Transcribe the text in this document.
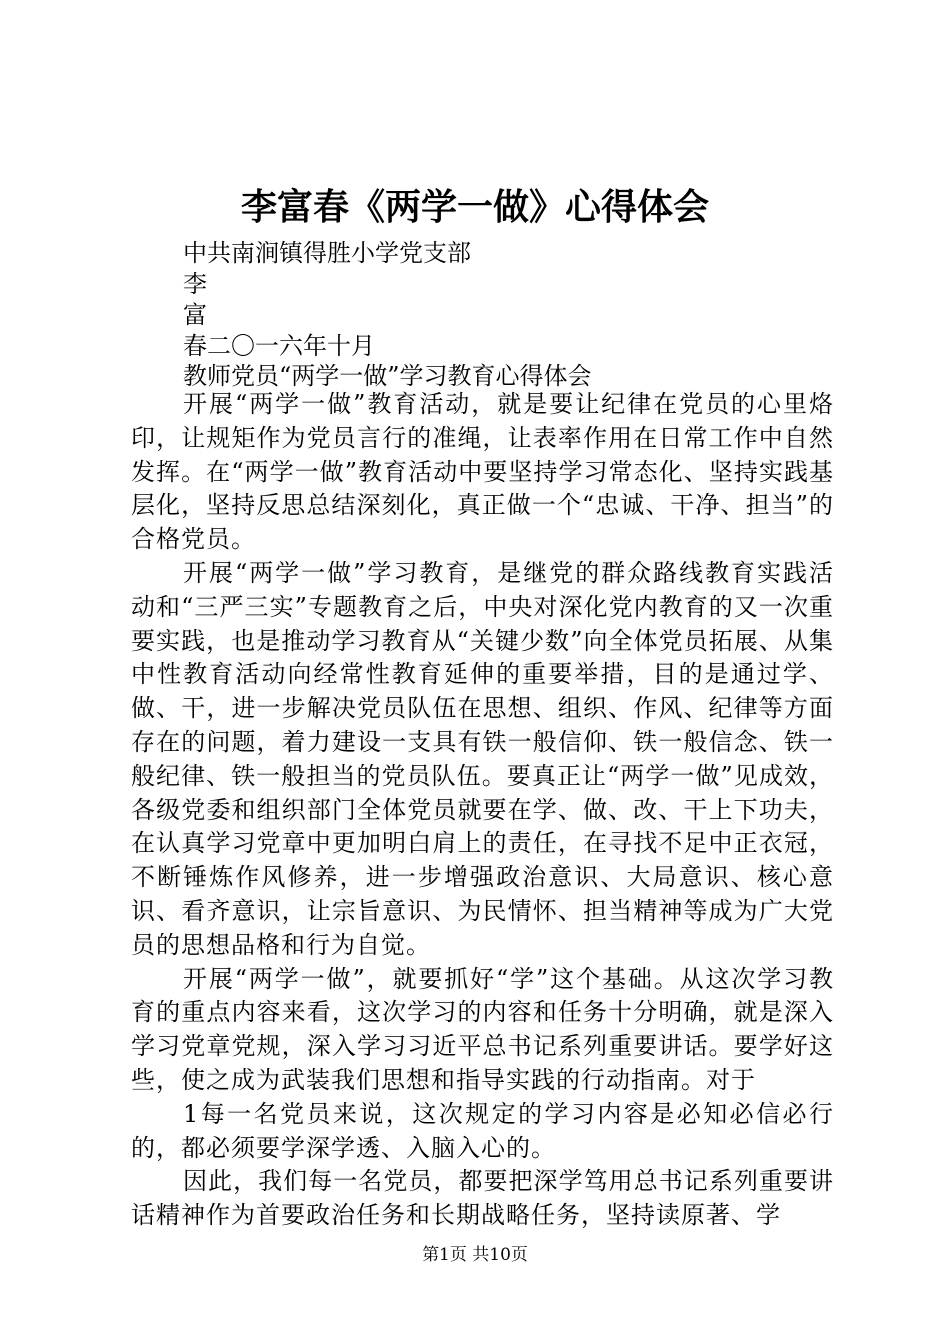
李富春《两学一做》心得体会
中共南涧镇得胜小学党支部
李
富
春二〇一六年十月
教师党员“两学一做”学习教育心得体会

开展“两学一做”教育活动，就是要让纪律在党员的心里烙印，让规矩作为党员言行的准绳，让表率作用在日常工作中自然发挥。在“两学一做”教育活动中要坚持学习常态化、坚持实践基层化，坚持反思总结深刻化，真正做一个“忠诚、干净、担当”的合格党员。

开展“两学一做”学习教育，是继党的群众路线教育实践活动和“三严三实”专题教育之后，中央对深化党内教育的又一次重要实践，也是推动学习教育从“关键少数”向全体党员拓展、从集中性教育活动向经常性教育延伸的重要举措，目的是通过学、做、干，进一步解决党员队伍在思想、组织、作风、纪律等方面存在的问题，着力建设一支具有铁一般信仰、铁一般信念、铁一般纪律、铁一般担当的党员队伍。要真正让“两学一做”见成效，各级党委和组织部门全体党员就要在学、做、改、干上下功夫，在认真学习党章中更加明白肩上的责任，在寻找不足中正衣冠，不断锤炼作风修养，进一步增强政治意识、大局意识、核心意识、看齐意识，让宗旨意识、为民情怀、担当精神等成为广大党员的思想品格和行为自觉。

开展“两学一做”，就要抓好“学”这个基础。从这次学习教育的重点内容来看，这次学习的内容和任务十分明确，就是深入学习党章党规，深入学习习近平总书记系列重要讲话。要学好这些，使之成为武装我们思想和指导实践的行动指南。对于

1每一名党员来说，这次规定的学习内容是必知必信必行的，都必须要学深学透、入脑入心的。

因此，我们每一名党员，都要把深学笃用总书记系列重要讲话精神作为首要政治任务和长期战略任务，坚持读原著、学

第1页 共10页
